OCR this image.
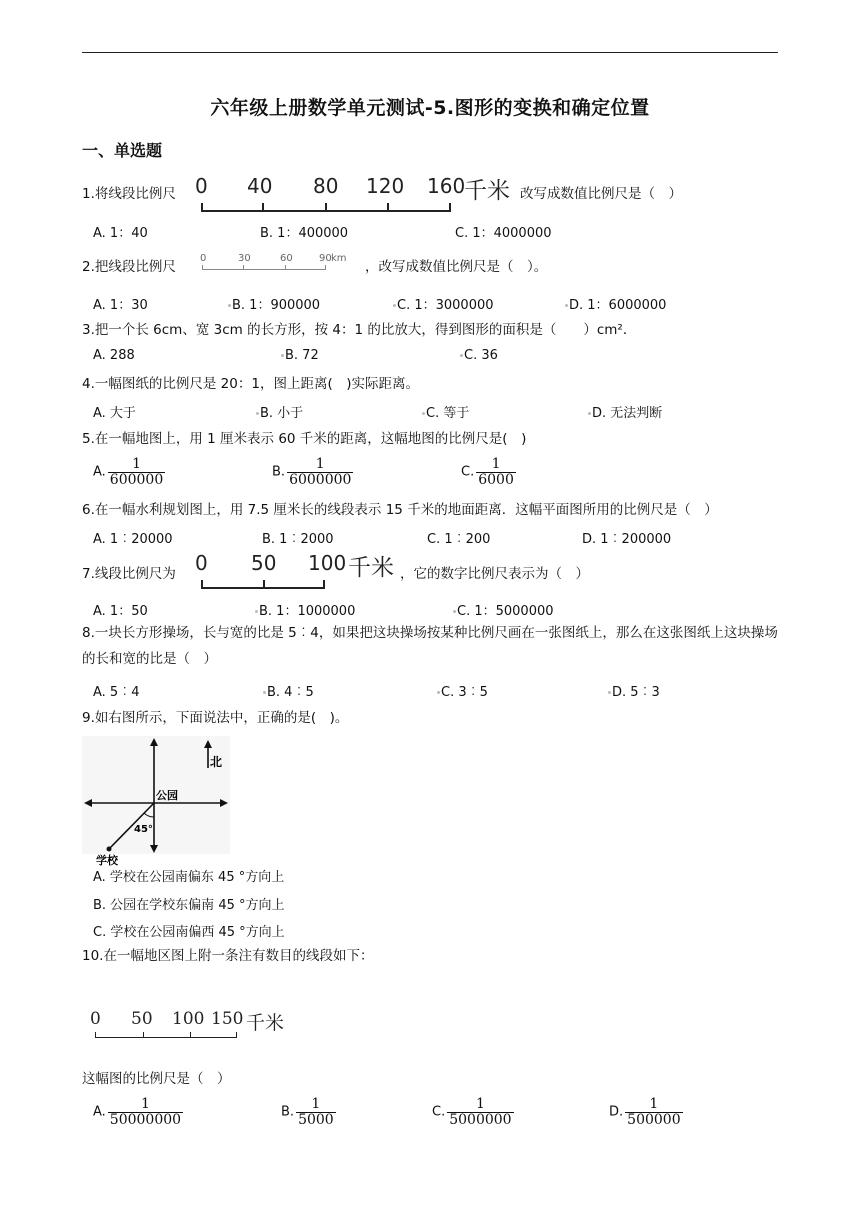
六年级上册数学单元测试-5.图形的变换和确定位置
一、单选题
1.将线段比例尺 0 40 80 120 160
千米 改写成数值比例尺是（　）
A. 1：40	B. 1：400000	C. 1：4000000
2.把线段比例尺
0	30	60	90 km
，改写成数值比例尺是（　）。
A. 1：30	B. 1：900000	C. 1：3000000	D. 1：6000000
3.把一个长 6cm、宽 3cm 的长方形，按 4：1 的比放大，得到图形的面积是（　　）cm²．
A. 288	B. 72	C. 36
4.一幅图纸的比例尺是 20：1，图上距离(　)实际距离。
A. 大于	B. 小于	C. 等于	D. 无法判断
5.在一幅地图上，用 1 厘米表示 60 千米的距离，这幅地图的比例尺是(　)
A. $\frac{1}{600000}$	B. $\frac{1}{6000000}$	C. $\frac{1}{6000}$
6.在一幅水利规划图上，用 7.5 厘米长的线段表示 15 千米的地面距离．这幅平面图所用的比例尺是（　）
A. 1︰20000	B. 1︰2000	C. 1︰200	D. 1︰200000
7.线段比例尺为 0 50 100 千米 ，它的数字比例尺表示为（　）
A. 1：50	B. 1：1000000	C. 1：5000000
8.一块长方形操场，长与宽的比是 5︰4，如果把这块操场按某种比例尺画在一张图纸上，那么在这张图纸上这块操场的长和宽的比是（　）
A. 5︰4	B. 4︰5	C. 3︰5	D. 5︰3
9.如右图所示，下面说法中，正确的是(　)。
北
公园
45°
学校
A. 学校在公园南偏东 45 °方向上
B. 公园在学校东偏南 45 °方向上
C. 学校在公园南偏西 45 °方向上
10.在一幅地区图上附一条注有数目的线段如下：
0 50 100 150 千米
这幅图的比例尺是（　）
A. $\frac{1}{50000000}$	B. $\frac{1}{5000}$	C. $\frac{1}{5000000}$	D. $\frac{1}{500000}$
